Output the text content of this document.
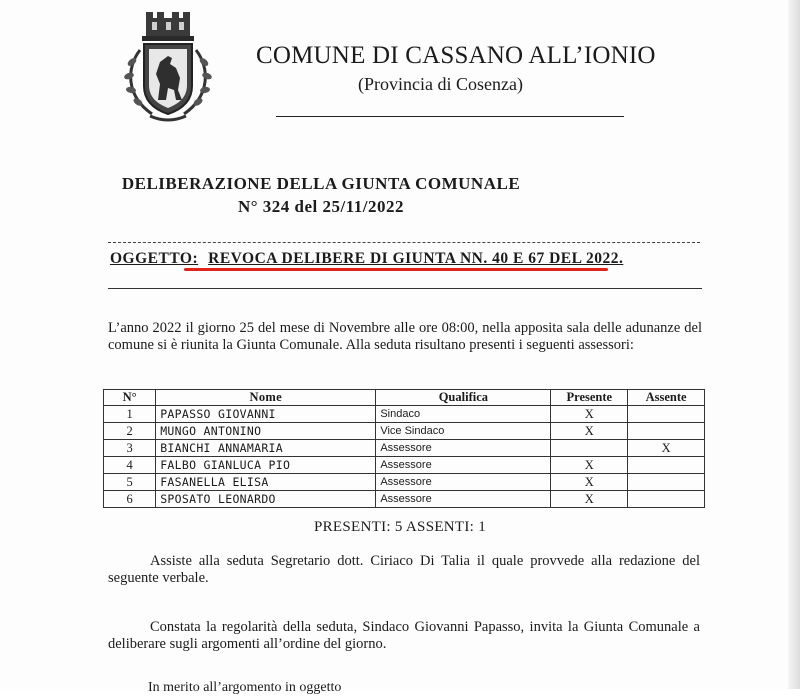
COMUNE DI CASSANO ALL’IONIO
(Provincia di Cosenza)
DELIBERAZIONE DELLA GIUNTA COMUNALE
N° 324 del 25/11/2022
OGGETTO: REVOCA DELIBERE DI GIUNTA NN. 40 E 67 DEL 2022.
L’anno 2022 il giorno 25 del mese di Novembre alle ore 08:00, nella apposita sala delle adunanze del comune si è riunita la Giunta Comunale. Alla seduta risultano presenti i seguenti assessori:
N°	Nome	Qualifica	Presente	Assente
1	PAPASSO GIOVANNI	Sindaco	X	
2	MUNGO ANTONINO	Vice Sindaco	X	
3	BIANCHI ANNAMARIA	Assessore		X
4	FALBO GIANLUCA PIO	Assessore	X	
5	FASANELLA ELISA	Assessore	X	
6	SPOSATO LEONARDO	Assessore	X	
PRESENTI: 5 ASSENTI: 1
Assiste alla seduta Segretario dott. Ciriaco Di Talia il quale provvede alla redazione del seguente verbale.
Constata la regolarità della seduta, Sindaco Giovanni Papasso, invita la Giunta Comunale a deliberare sugli argomenti all’ordine del giorno.
In merito all’argomento in oggetto
